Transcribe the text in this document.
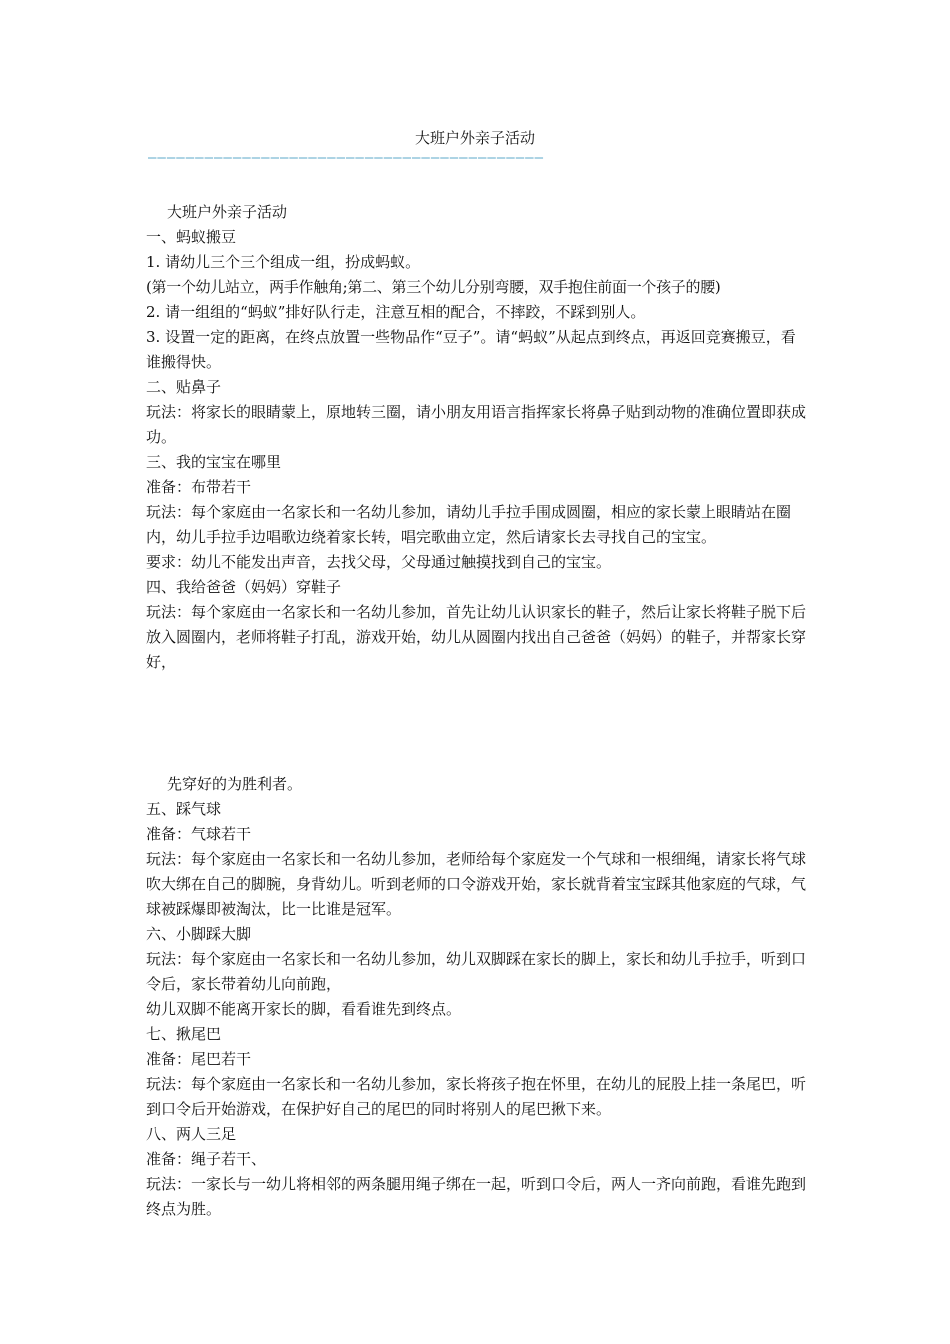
大班户外亲子活动
——————————————————————————————————————————

大班户外亲子活动

一、蚂蚁搬豆

1. 请幼儿三个三个组成一组，扮成蚂蚁。

(第一个幼儿站立，两手作触角;第二、第三个幼儿分别弯腰，双手抱住前面一个孩子的腰)

2. 请一组组的“蚂蚁”排好队行走，注意互相的配合，不摔跤，不踩到别人。

3. 设置一定的距离，在终点放置一些物品作“豆子”。请“蚂蚁”从起点到终点，再返回竞赛搬豆，看谁搬得快。

二、贴鼻子

玩法：将家长的眼睛蒙上，原地转三圈，请小朋友用语言指挥家长将鼻子贴到动物的准确位置即获成功。

三、我的宝宝在哪里

准备：布带若干

玩法：每个家庭由一名家长和一名幼儿参加，请幼儿手拉手围成圆圈，相应的家长蒙上眼睛站在圈内，幼儿手拉手边唱歌边绕着家长转，唱完歌曲立定，然后请家长去寻找自己的宝宝。

要求：幼儿不能发出声音，去找父母，父母通过触摸找到自己的宝宝。

四、我给爸爸（妈妈）穿鞋子

玩法：每个家庭由一名家长和一名幼儿参加，首先让幼儿认识家长的鞋子，然后让家长将鞋子脱下后放入圆圈内，老师将鞋子打乱，游戏开始，幼儿从圆圈内找出自己爸爸（妈妈）的鞋子，并帮家长穿好，

先穿好的为胜利者。

五、踩气球

准备：气球若干

玩法：每个家庭由一名家长和一名幼儿参加，老师给每个家庭发一个气球和一根细绳，请家长将气球吹大绑在自己的脚腕，身背幼儿。听到老师的口令游戏开始，家长就背着宝宝踩其他家庭的气球，气球被踩爆即被淘汰，比一比谁是冠军。

六、小脚踩大脚

玩法：每个家庭由一名家长和一名幼儿参加，幼儿双脚踩在家长的脚上，家长和幼儿手拉手，听到口令后，家长带着幼儿向前跑，

幼儿双脚不能离开家长的脚，看看谁先到终点。

七、揪尾巴

准备：尾巴若干

玩法：每个家庭由一名家长和一名幼儿参加，家长将孩子抱在怀里，在幼儿的屁股上挂一条尾巴，听到口令后开始游戏，在保护好自己的尾巴的同时将别人的尾巴揪下来。

八、两人三足

准备：绳子若干、

玩法：一家长与一幼儿将相邻的两条腿用绳子绑在一起，听到口令后，两人一齐向前跑，看谁先跑到终点为胜。
